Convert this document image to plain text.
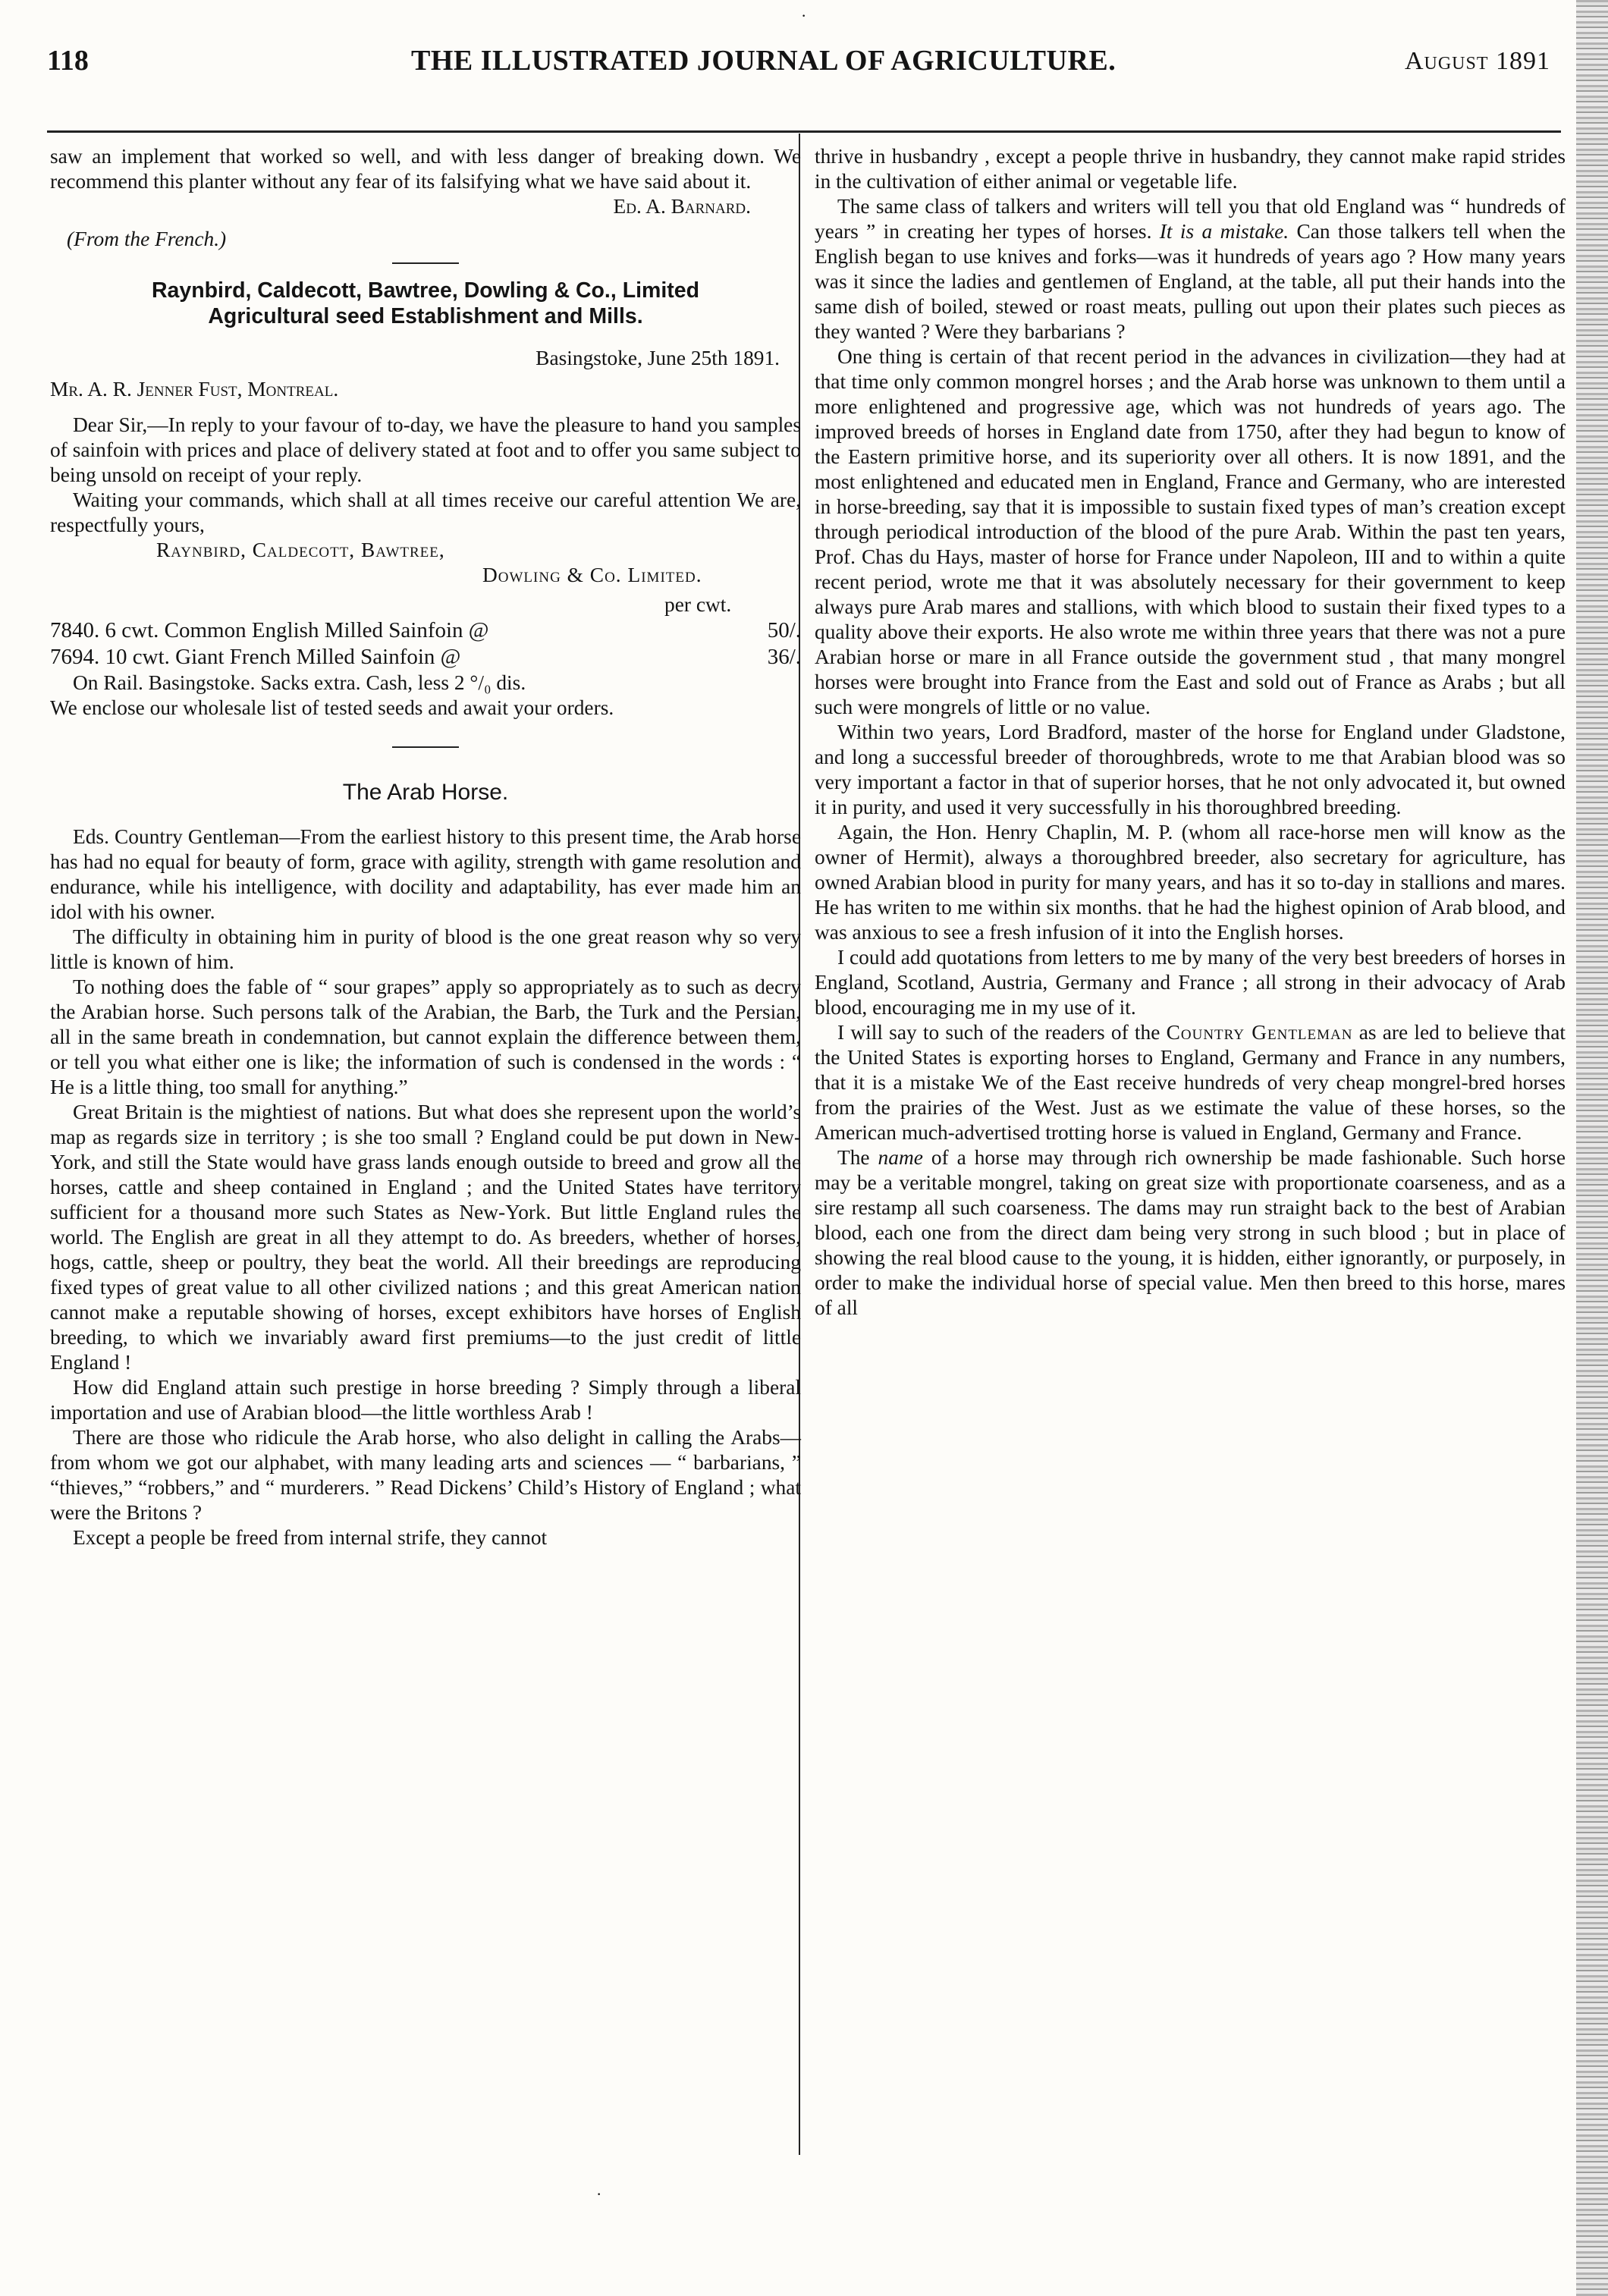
118	THE ILLUSTRATED JOURNAL OF AGRICULTURE.	August 1891

saw an implement that worked so well, and with less danger of breaking down. We recommend this planter without any fear of its falsifying what we have said about it.

Ed. A. Barnard.

(From the French.)

Raynbird, Caldecott, Bawtree, Dowling & Co., Limited
Agricultural seed Establishment and Mills.

Basingstoke, June 25th 1891.

Mr. A. R. Jenner Fust, Montreal.

Dear Sir,—In reply to your favour of to-day, we have the pleasure to hand you samples of sainfoin with prices and place of delivery stated at foot and to offer you same subject to being unsold on receipt of your reply.

Waiting your commands, which shall at all times receive our careful attention We are, respectfully yours,

Raynbird, Caldecott, Bawtree,

Dowling & Co. Limited.

per cwt.

7840. 6 cwt. Common English Milled Sainfoin @	50/.
7694. 10 cwt. Giant French Milled Sainfoin @	36/.

On Rail. Basingstoke. Sacks extra. Cash, less 2 °/₀ dis.

We enclose our wholesale list of tested seeds and await your orders.

The Arab Horse.

Eds. Country Gentleman—From the earliest history to this present time, the Arab horse has had no equal for beauty of form, grace with agility, strength with game resolution and endurance, while his intelligence, with docility and adaptability, has ever made him an idol with his owner.

The difficulty in obtaining him in purity of blood is the one great reason why so very little is known of him.

To nothing does the fable of “ sour grapes” apply so appropriately as to such as decry the Arabian horse. Such persons talk of the Arabian, the Barb, the Turk and the Persian, all in the same breath in condemnation, but cannot explain the difference between them, or tell you what either one is like; the information of such is condensed in the words : “ He is a little thing, too small for anything.”

Great Britain is the mightiest of nations. But what does she represent upon the world’s map as regards size in territory ; is she too small ? England could be put down in New-York, and still the State would have grass lands enough outside to breed and grow all the horses, cattle and sheep contained in England ; and the United States have territory sufficient for a thousand more such States as New-York. But little England rules the world. The English are great in all they attempt to do. As breeders, whether of horses, hogs, cattle, sheep or poultry, they beat the world. All their breedings are reproducing fixed types of great value to all other civilized nations ; and this great American nation cannot make a reputable showing of horses, except exhibitors have horses of English breeding, to which we invariably award first premiums—to the just credit of little England !

How did England attain such prestige in horse breeding ? Simply through a liberal importation and use of Arabian blood—the little worthless Arab !

There are those who ridicule the Arab horse, who also delight in calling the Arabs—from whom we got our alphabet, with many leading arts and sciences — “ barbarians, ” “thieves,” “robbers,” and “ murderers. ” Read Dickens’ Child’s History of England ; what were the Britons ?

Except a people be freed from internal strife, they cannot

thrive in husbandry , except a people thrive in husbandry, they cannot make rapid strides in the cultivation of either animal or vegetable life.

The same class of talkers and writers will tell you that old England was “ hundreds of years ” in creating her types of horses. It is a mistake. Can those talkers tell when the English began to use knives and forks—was it hundreds of years ago ? How many years was it since the ladies and gentlemen of England, at the table, all put their hands into the same dish of boiled, stewed or roast meats, pulling out upon their plates such pieces as they wanted ? Were they barbarians ?

One thing is certain of that recent period in the advances in civilization—they had at that time only common mongrel horses ; and the Arab horse was unknown to them until a more enlightened and progressive age, which was not hundreds of years ago. The improved breeds of horses in England date from 1750, after they had begun to know of the Eastern primitive horse, and its superiority over all others. It is now 1891, and the most enlightened and educated men in England, France and Germany, who are interested in horse-breeding, say that it is impossible to sustain fixed types of man’s creation except through periodical introduction of the blood of the pure Arab. Within the past ten years, Prof. Chas du Hays, master of horse for France under Napoleon, III and to within a quite recent period, wrote me that it was absolutely necessary for their government to keep always pure Arab mares and stallions, with which blood to sustain their fixed types to a quality above their exports. He also wrote me within three years that there was not a pure Arabian horse or mare in all France outside the government stud , that many mongrel horses were brought into France from the East and sold out of France as Arabs ; but all such were mongrels of little or no value.

Within two years, Lord Bradford, master of the horse for England under Gladstone, and long a successful breeder of thoroughbreds, wrote to me that Arabian blood was so very important a factor in that of superior horses, that he not only advocated it, but owned it in purity, and used it very successfully in his thoroughbred breeding.

Again, the Hon. Henry Chaplin, M. P. (whom all race-horse men will know as the owner of Hermit), always a thoroughbred breeder, also secretary for agriculture, has owned Arabian blood in purity for many years, and has it so to-day in stallions and mares. He has writen to me within six months. that he had the highest opinion of Arab blood, and was anxious to see a fresh infusion of it into the English horses.

I could add quotations from letters to me by many of the very best breeders of horses in England, Scotland, Austria, Germany and France ; all strong in their advocacy of Arab blood, encouraging me in my use of it.

I will say to such of the readers of the Country Gentleman as are led to believe that the United States is exporting horses to England, Germany and France in any numbers, that it is a mistake We of the East receive hundreds of very cheap mongrel-bred horses from the prairies of the West. Just as we estimate the value of these horses, so the American much-advertised trotting horse is valued in England, Germany and France.

The name of a horse may through rich ownership be made fashionable. Such horse may be a veritable mongrel, taking on great size with proportionate coarseness, and as a sire restamp all such coarseness. The dams may run straight back to the best of Arabian blood, each one from the direct dam being very strong in such blood ; but in place of showing the real blood cause to the young, it is hidden, either ignorantly, or purposely, in order to make the individual horse of special value. Men then breed to this horse, mares of all

·
·
